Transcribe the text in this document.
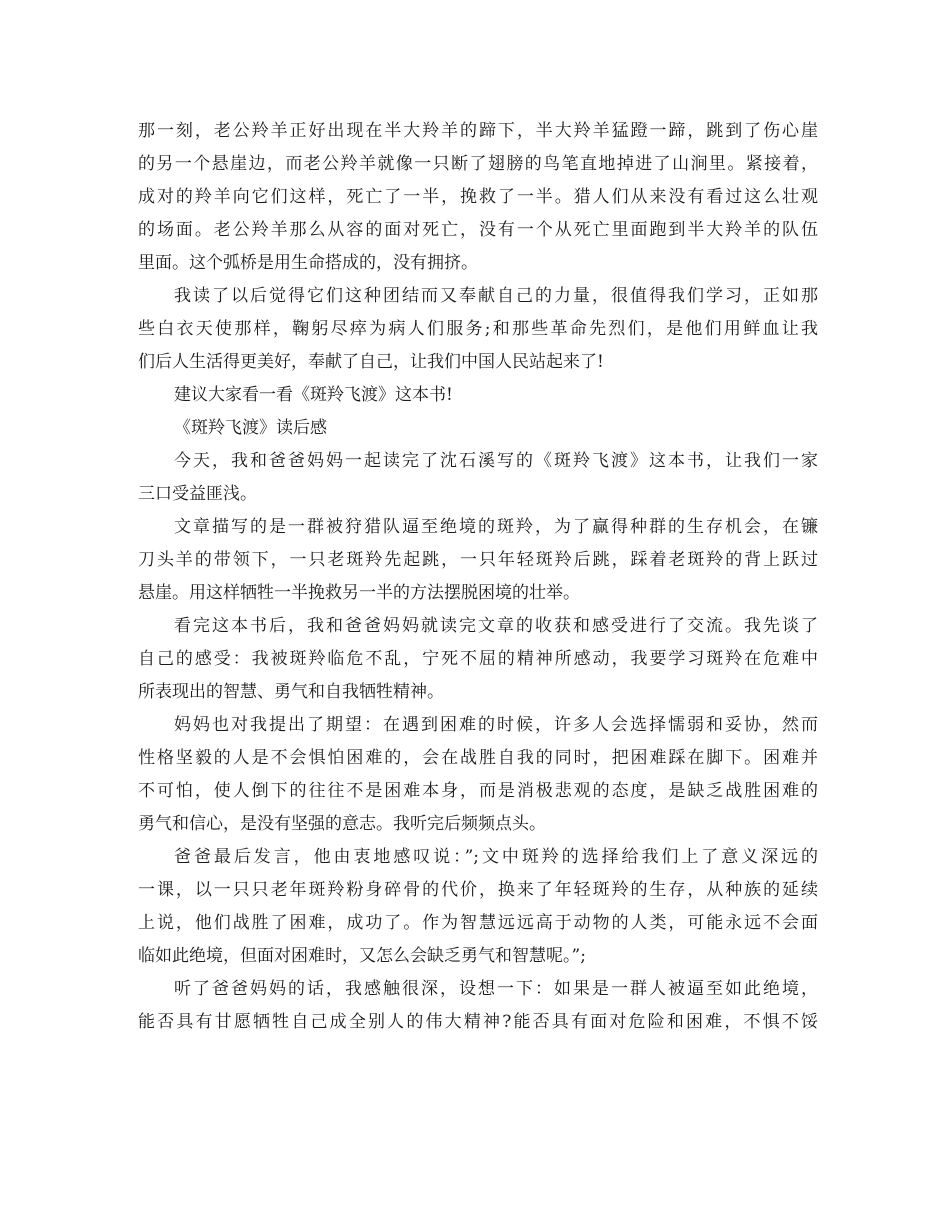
那一刻，老公羚羊正好出现在半大羚羊的蹄下，半大羚羊猛蹬一蹄，跳到了伤心崖
的另一个悬崖边，而老公羚羊就像一只断了翅膀的鸟笔直地掉进了山涧里。紧接着，
成对的羚羊向它们这样，死亡了一半，挽救了一半。猎人们从来没有看过这么壮观
的场面。老公羚羊那么从容的面对死亡，没有一个从死亡里面跑到半大羚羊的队伍
里面。这个弧桥是用生命搭成的，没有拥挤。
我读了以后觉得它们这种团结而又奉献自己的力量，很值得我们学习，正如那
些白衣天使那样，鞠躬尽瘁为病人们服务;和那些革命先烈们，是他们用鲜血让我
们后人生活得更美好，奉献了自己，让我们中国人民站起来了!
建议大家看一看《斑羚飞渡》这本书!
《斑羚飞渡》读后感
今天，我和爸爸妈妈一起读完了沈石溪写的《斑羚飞渡》这本书，让我们一家
三口受益匪浅。
文章描写的是一群被狩猎队逼至绝境的斑羚，为了赢得种群的生存机会，在镰
刀头羊的带领下，一只老斑羚先起跳，一只年轻斑羚后跳，踩着老斑羚的背上跃过
悬崖。用这样牺牲一半挽救另一半的方法摆脱困境的壮举。
看完这本书后，我和爸爸妈妈就读完文章的收获和感受进行了交流。我先谈了
自己的感受：我被斑羚临危不乱，宁死不屈的精神所感动，我要学习斑羚在危难中
所表现出的智慧、勇气和自我牺牲精神。
妈妈也对我提出了期望：在遇到困难的时候，许多人会选择懦弱和妥协，然而
性格坚毅的人是不会惧怕困难的，会在战胜自我的同时，把困难踩在脚下。困难并
不可怕，使人倒下的往往不是困难本身，而是消极悲观的态度，是缺乏战胜困难的
勇气和信心，是没有坚强的意志。我听完后频频点头。
爸爸最后发言，他由衷地感叹说：”;文中斑羚的选择给我们上了意义深远的
一课，以一只只老年斑羚粉身碎骨的代价，换来了年轻斑羚的生存，从种族的延续
上说，他们战胜了困难，成功了。作为智慧远远高于动物的人类，可能永远不会面
临如此绝境，但面对困难时，又怎么会缺乏勇气和智慧呢。”;
听了爸爸妈妈的话，我感触很深，设想一下：如果是一群人被逼至如此绝境，
能否具有甘愿牺牲自己成全别人的伟大精神?能否具有面对危险和困难，不惧不馁
